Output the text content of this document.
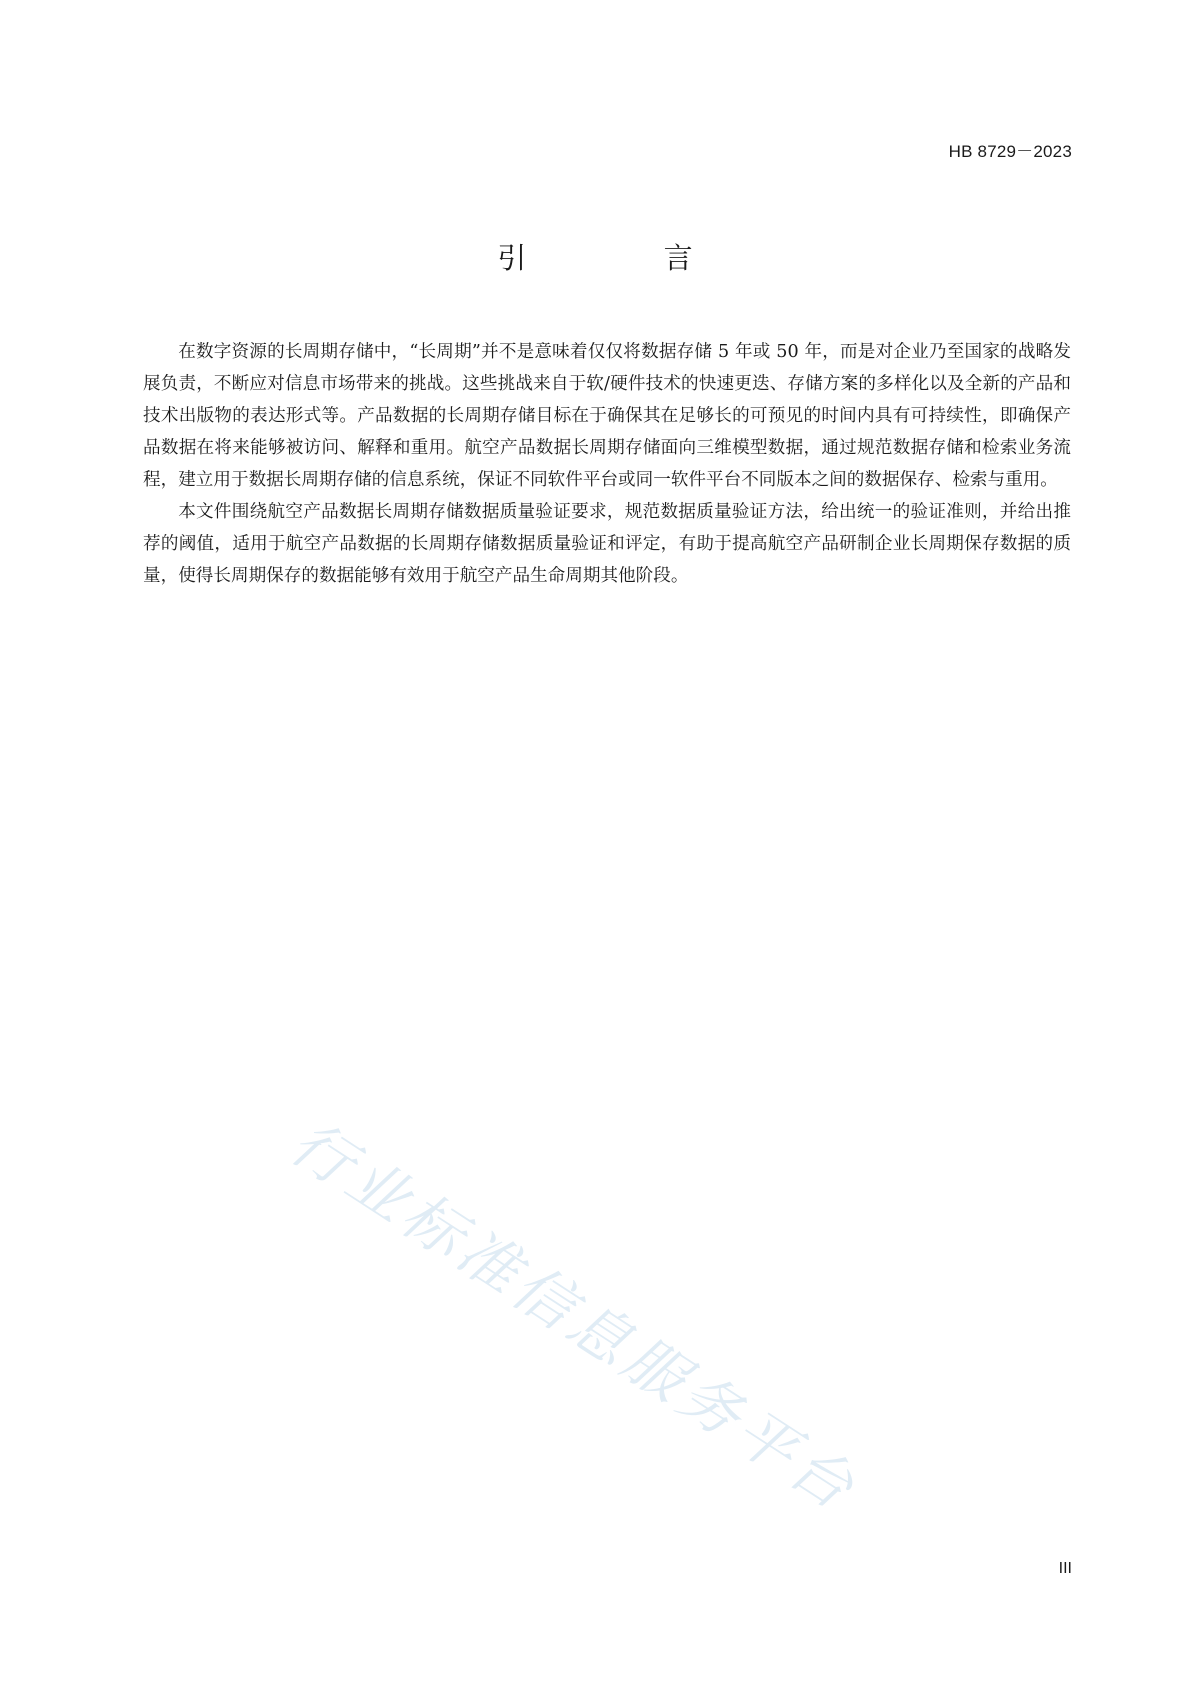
HB 8729－2023
引 言

在数字资源的长周期存储中，“长周期”并不是意味着仅仅将数据存储 5 年或 50 年，而是对企业乃至国家的战略发展负责，不断应对信息市场带来的挑战。这些挑战来自于软/硬件技术的快速更迭、存储方案的多样化以及全新的产品和技术出版物的表达形式等。产品数据的长周期存储目标在于确保其在足够长的可预见的时间内具有可持续性，即确保产品数据在将来能够被访问、解释和重用。航空产品数据长周期存储面向三维模型数据，通过规范数据存储和检索业务流程，建立用于数据长周期存储的信息系统，保证不同软件平台或同一软件平台不同版本之间的数据保存、检索与重用。

本文件围绕航空产品数据长周期存储数据质量验证要求，规范数据质量验证方法，给出统一的验证准则，并给出推荐的阈值，适用于航空产品数据的长周期存储数据质量验证和评定，有助于提高航空产品研制企业长周期保存数据的质量，使得长周期保存的数据能够有效用于航空产品生命周期其他阶段。

行业标准信息服务平台
III
